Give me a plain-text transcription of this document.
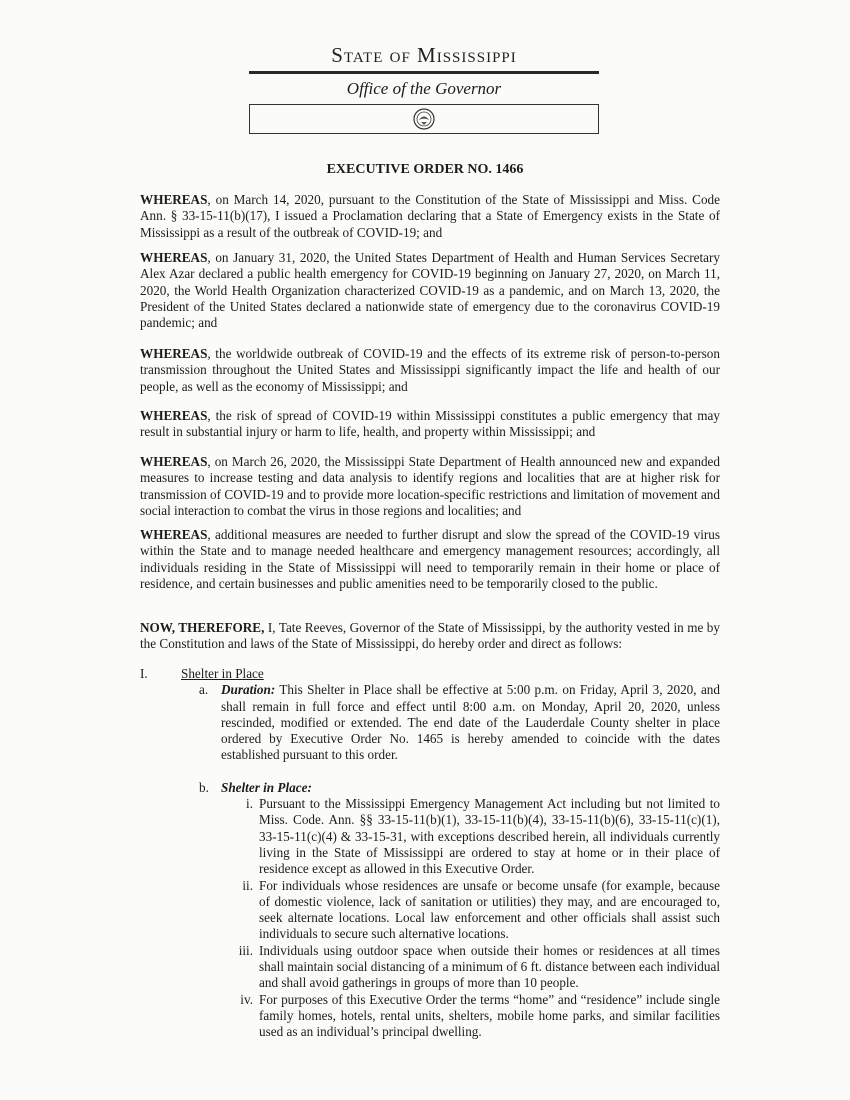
State of Mississippi

Office of the Governor

EXECUTIVE ORDER NO. 1466

WHEREAS, on March 14, 2020, pursuant to the Constitution of the State of Mississippi and Miss. Code Ann. § 33-15-11(b)(17), I issued a Proclamation declaring that a State of Emergency exists in the State of Mississippi as a result of the outbreak of COVID-19; and

WHEREAS, on January 31, 2020, the United States Department of Health and Human Services Secretary Alex Azar declared a public health emergency for COVID-19 beginning on January 27, 2020, on March 11, 2020, the World Health Organization characterized COVID-19 as a pandemic, and on March 13, 2020, the President of the United States declared a nationwide state of emergency due to the coronavirus COVID-19 pandemic; and

WHEREAS, the worldwide outbreak of COVID-19 and the effects of its extreme risk of person-to-person transmission throughout the United States and Mississippi significantly impact the life and health of our people, as well as the economy of Mississippi; and

WHEREAS, the risk of spread of COVID-19 within Mississippi constitutes a public emergency that may result in substantial injury or harm to life, health, and property within Mississippi; and

WHEREAS, on March 26, 2020, the Mississippi State Department of Health announced new and expanded measures to increase testing and data analysis to identify regions and localities that are at higher risk for transmission of COVID-19 and to provide more location-specific restrictions and limitation of movement and social interaction to combat the virus in those regions and localities; and

WHEREAS, additional measures are needed to further disrupt and slow the spread of the COVID-19 virus within the State and to manage needed healthcare and emergency management resources; accordingly, all individuals residing in the State of Mississippi will need to temporarily remain in their home or place of residence, and certain businesses and public amenities need to be temporarily closed to the public.

NOW, THEREFORE, I, Tate Reeves, Governor of the State of Mississippi, by the authority vested in me by the Constitution and laws of the State of Mississippi, do hereby order and direct as follows:

I.	Shelter in Place
a. Duration: This Shelter in Place shall be effective at 5:00 p.m. on Friday, April 3, 2020, and shall remain in full force and effect until 8:00 a.m. on Monday, April 20, 2020, unless rescinded, modified or extended. The end date of the Lauderdale County shelter in place ordered by Executive Order No. 1465 is hereby amended to coincide with the dates established pursuant to this order.
b. Shelter in Place:
i. Pursuant to the Mississippi Emergency Management Act including but not limited to Miss. Code. Ann. §§ 33-15-11(b)(1), 33-15-11(b)(4), 33-15-11(b)(6), 33-15-11(c)(1), 33-15-11(c)(4) & 33-15-31, with exceptions described herein, all individuals currently living in the State of Mississippi are ordered to stay at home or in their place of residence except as allowed in this Executive Order.
ii. For individuals whose residences are unsafe or become unsafe (for example, because of domestic violence, lack of sanitation or utilities) they may, and are encouraged to, seek alternate locations. Local law enforcement and other officials shall assist such individuals to secure such alternative locations.
iii. Individuals using outdoor space when outside their homes or residences at all times shall maintain social distancing of a minimum of 6 ft. distance between each individual and shall avoid gatherings in groups of more than 10 people.
iv. For purposes of this Executive Order the terms “home” and “residence” include single family homes, hotels, rental units, shelters, mobile home parks, and similar facilities used as an individual’s principal dwelling.
